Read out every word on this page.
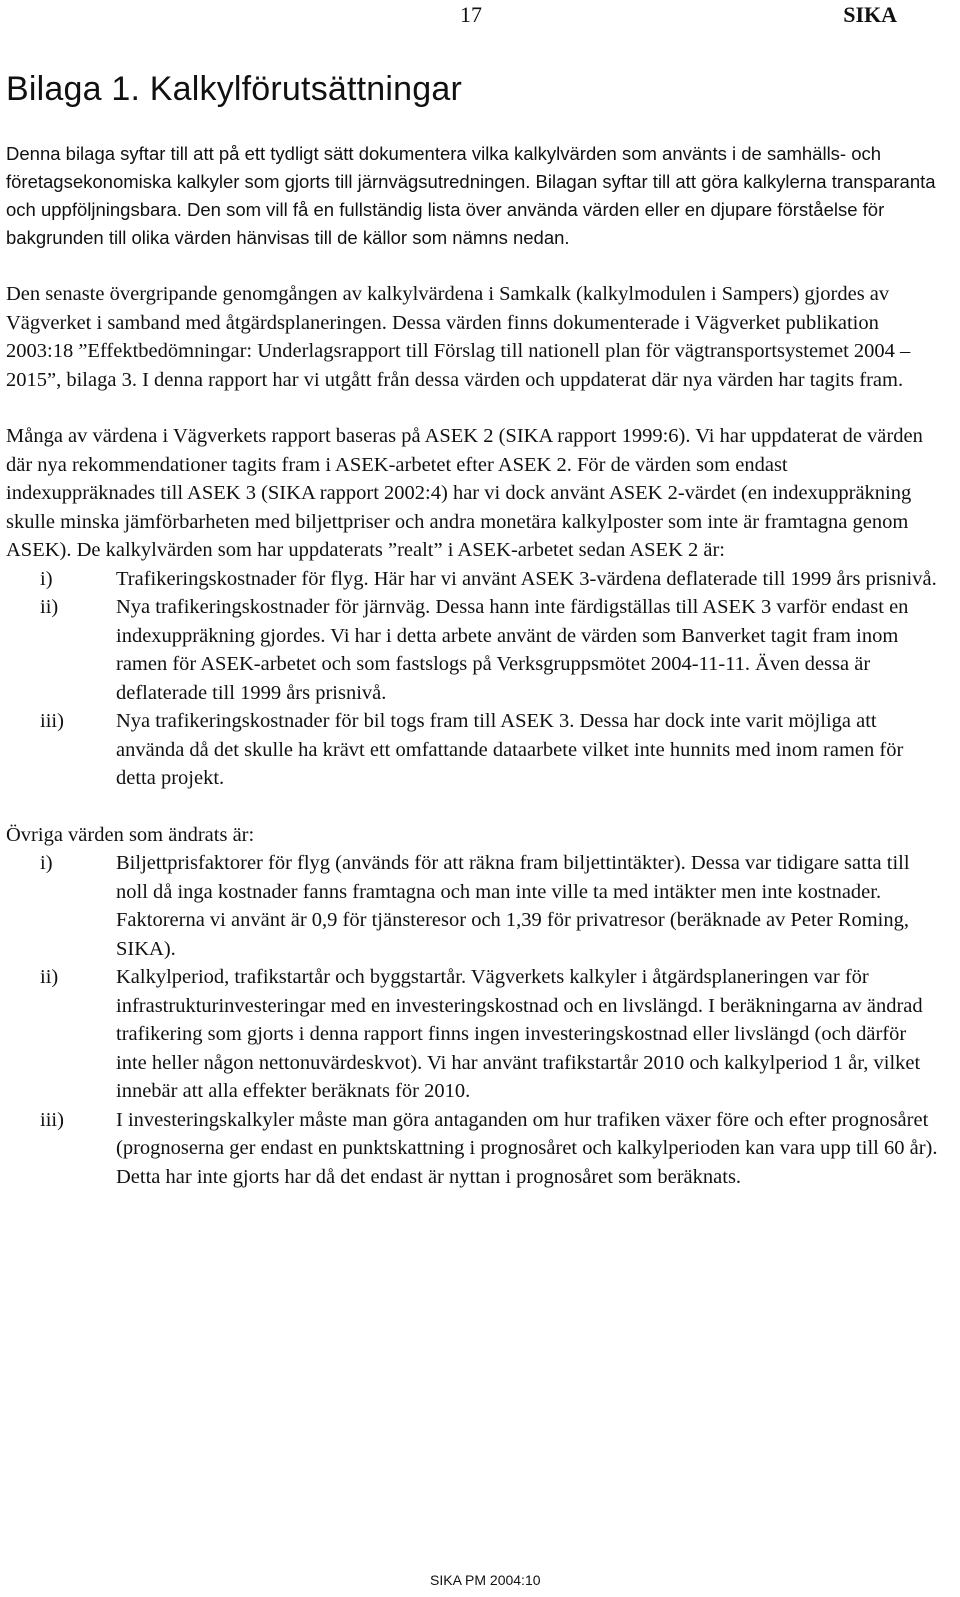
17	SIKA
Bilaga 1. Kalkylförutsättningar

Denna bilaga syftar till att på ett tydligt sätt dokumentera vilka kalkylvärden som använts i de samhälls- och företagsekonomiska kalkyler som gjorts till järnvägsutredningen. Bilagan syftar till att göra kalkylerna transparanta och uppföljningsbara. Den som vill få en fullständig lista över använda värden eller en djupare förståelse för bakgrunden till olika värden hänvisas till de källor som nämns nedan.

Den senaste övergripande genomgången av kalkylvärdena i Samkalk (kalkylmodulen i Sampers) gjordes av Vägverket i samband med åtgärdsplaneringen. Dessa värden finns dokumenterade i Vägverket publikation 2003:18 ”Effektbedömningar: Underlagsrapport till Förslag till nationell plan för vägtransportsystemet 2004 – 2015”, bilaga 3. I denna rapport har vi utgått från dessa värden och uppdaterat där nya värden har tagits fram.

Många av värdena i Vägverkets rapport baseras på ASEK 2 (SIKA rapport 1999:6). Vi har uppdaterat de värden där nya rekommendationer tagits fram i ASEK-arbetet efter ASEK 2. För de värden som endast indexuppräknades till ASEK 3 (SIKA rapport 2002:4) har vi dock använt ASEK 2-värdet (en indexuppräkning skulle minska jämförbarheten med biljettpriser och andra monetära kalkylposter som inte är framtagna genom ASEK). De kalkylvärden som har uppdaterats ”realt” i ASEK-arbetet sedan ASEK 2 är:

i)	Trafikeringskostnader för flyg. Här har vi använt ASEK 3-värdena deflaterade till 1999 års prisnivå.
ii)	Nya trafikeringskostnader för järnväg. Dessa hann inte färdigställas till ASEK 3 varför endast en indexuppräkning gjordes. Vi har i detta arbete använt de värden som Banverket tagit fram inom ramen för ASEK-arbetet och som fastslogs på Verksgruppsmötet 2004-11-11. Även dessa är deflaterade till 1999 års prisnivå.
iii)	Nya trafikeringskostnader för bil togs fram till ASEK 3. Dessa har dock inte varit möjliga att använda då det skulle ha krävt ett omfattande dataarbete vilket inte hunnits med inom ramen för detta projekt.

Övriga värden som ändrats är:

i)	Biljettprisfaktorer för flyg (används för att räkna fram biljettintäkter). Dessa var tidigare satta till noll då inga kostnader fanns framtagna och man inte ville ta med intäkter men inte kostnader. Faktorerna vi använt är 0,9 för tjänsteresor och 1,39 för privatresor (beräknade av Peter Roming, SIKA).
ii)	Kalkylperiod, trafikstartår och byggstartår. Vägverkets kalkyler i åtgärdsplaneringen var för infrastrukturinvesteringar med en investeringskostnad och en livslängd. I beräkningarna av ändrad trafikering som gjorts i denna rapport finns ingen investeringskostnad eller livslängd (och därför inte heller någon nettonuvärdeskvot). Vi har använt trafikstartår 2010 och kalkylperiod 1 år, vilket innebär att alla effekter beräknats för 2010.
iii)	I investeringskalkyler måste man göra antaganden om hur trafiken växer före och efter prognosåret (prognoserna ger endast en punktskattning i prognosåret och kalkylperioden kan vara upp till 60 år). Detta har inte gjorts har då det endast är nyttan i prognosåret som beräknats.
SIKA PM 2004:10
